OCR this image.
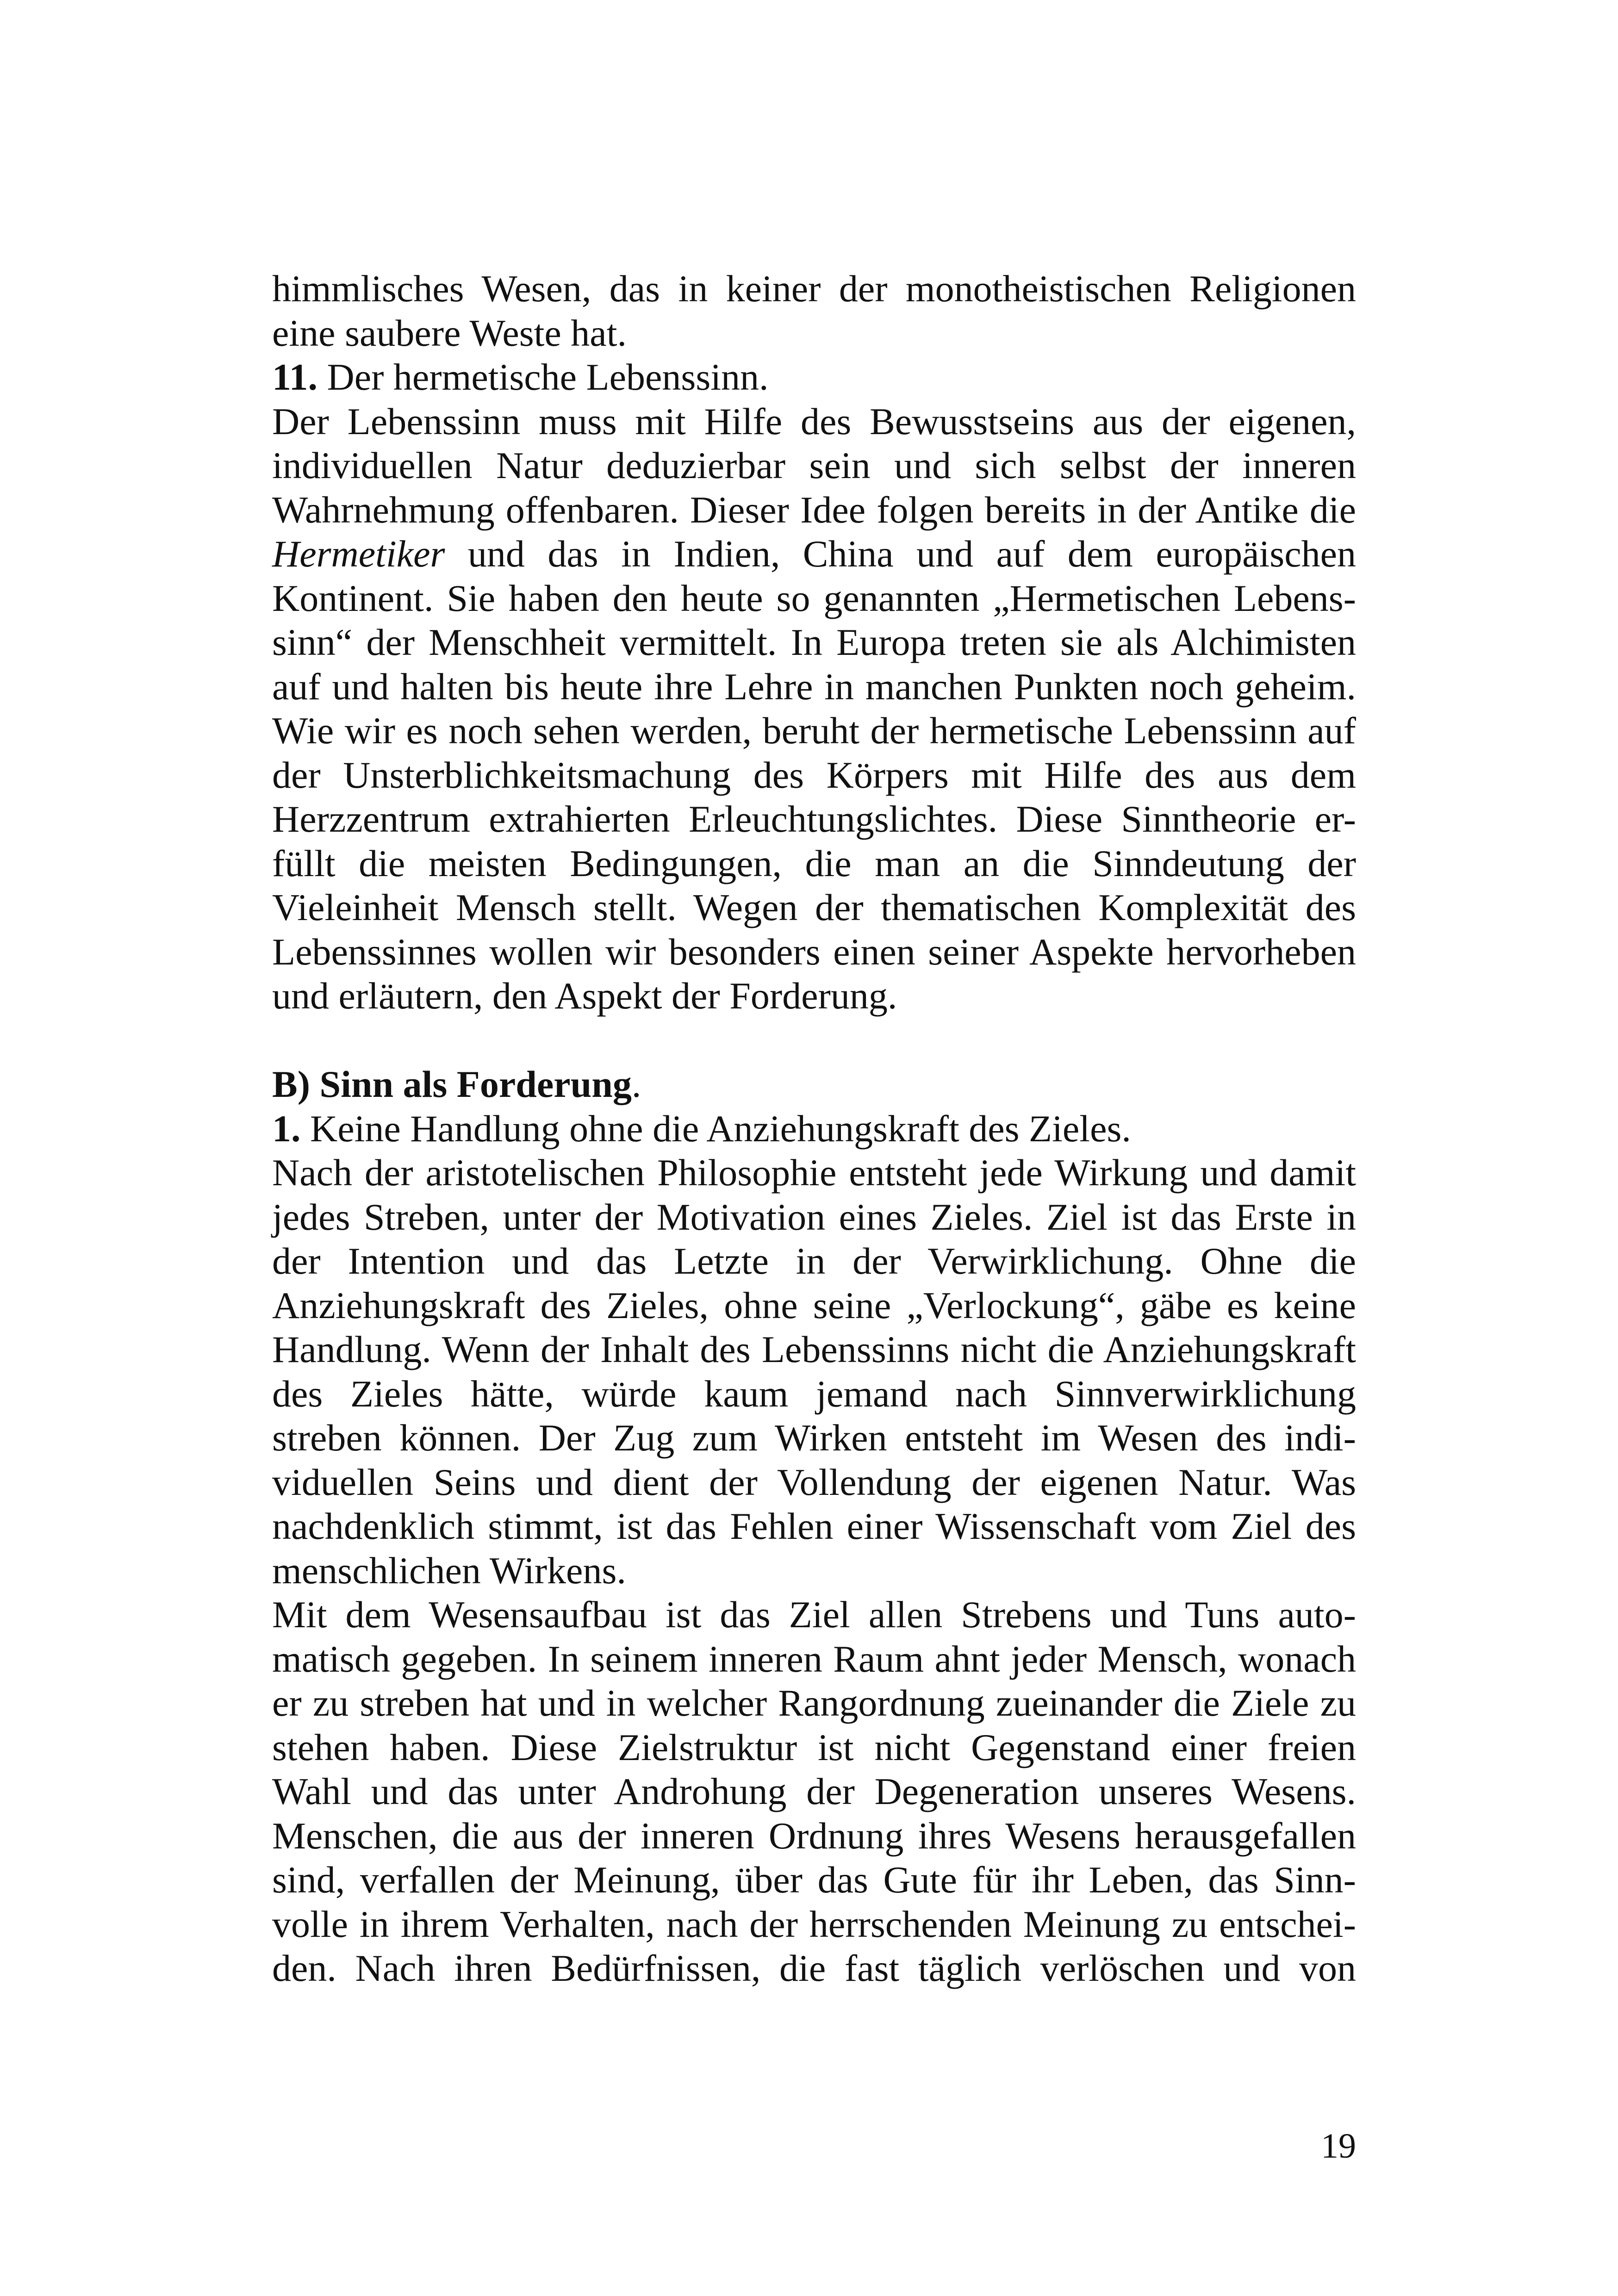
himmlisches Wesen, das in keiner der monotheistischen Religionen
eine saubere Weste hat.
11. Der hermetische Lebenssinn.
Der Lebenssinn muss mit Hilfe des Bewusstseins aus der eigenen,
individuellen Natur deduzierbar sein und sich selbst der inneren
Wahrnehmung offenbaren. Dieser Idee folgen bereits in der Antike die
Hermetiker und das in Indien, China und auf dem europäischen
Kontinent. Sie haben den heute so genannten „Hermetischen Lebens-
sinn“ der Menschheit vermittelt. In Europa treten sie als Alchimisten
auf und halten bis heute ihre Lehre in manchen Punkten noch geheim.
Wie wir es noch sehen werden, beruht der hermetische Lebenssinn auf
der Unsterblichkeitsmachung des Körpers mit Hilfe des aus dem
Herzzentrum extrahierten Erleuchtungslichtes. Diese Sinntheorie er-
füllt die meisten Bedingungen, die man an die Sinndeutung der
Vieleinheit Mensch stellt. Wegen der thematischen Komplexität des
Lebenssinnes wollen wir besonders einen seiner Aspekte hervorheben
und erläutern, den Aspekt der Forderung.
B) Sinn als Forderung.
1. Keine Handlung ohne die Anziehungskraft des Zieles.
Nach der aristotelischen Philosophie entsteht jede Wirkung und damit
jedes Streben, unter der Motivation eines Zieles. Ziel ist das Erste in
der Intention und das Letzte in der Verwirklichung. Ohne die
Anziehungskraft des Zieles, ohne seine „Verlockung“, gäbe es keine
Handlung. Wenn der Inhalt des Lebenssinns nicht die Anziehungskraft
des Zieles hätte, würde kaum jemand nach Sinnverwirklichung
streben können. Der Zug zum Wirken entsteht im Wesen des indi-
viduellen Seins und dient der Vollendung der eigenen Natur. Was
nachdenklich stimmt, ist das Fehlen einer Wissenschaft vom Ziel des
menschlichen Wirkens.
Mit dem Wesensaufbau ist das Ziel allen Strebens und Tuns auto-
matisch gegeben. In seinem inneren Raum ahnt jeder Mensch, wonach
er zu streben hat und in welcher Rangordnung zueinander die Ziele zu
stehen haben. Diese Zielstruktur ist nicht Gegenstand einer freien
Wahl und das unter Androhung der Degeneration unseres Wesens.
Menschen, die aus der inneren Ordnung ihres Wesens herausgefallen
sind, verfallen der Meinung, über das Gute für ihr Leben, das Sinn-
volle in ihrem Verhalten, nach der herrschenden Meinung zu entschei-
den. Nach ihren Bedürfnissen, die fast täglich verlöschen und von
19
